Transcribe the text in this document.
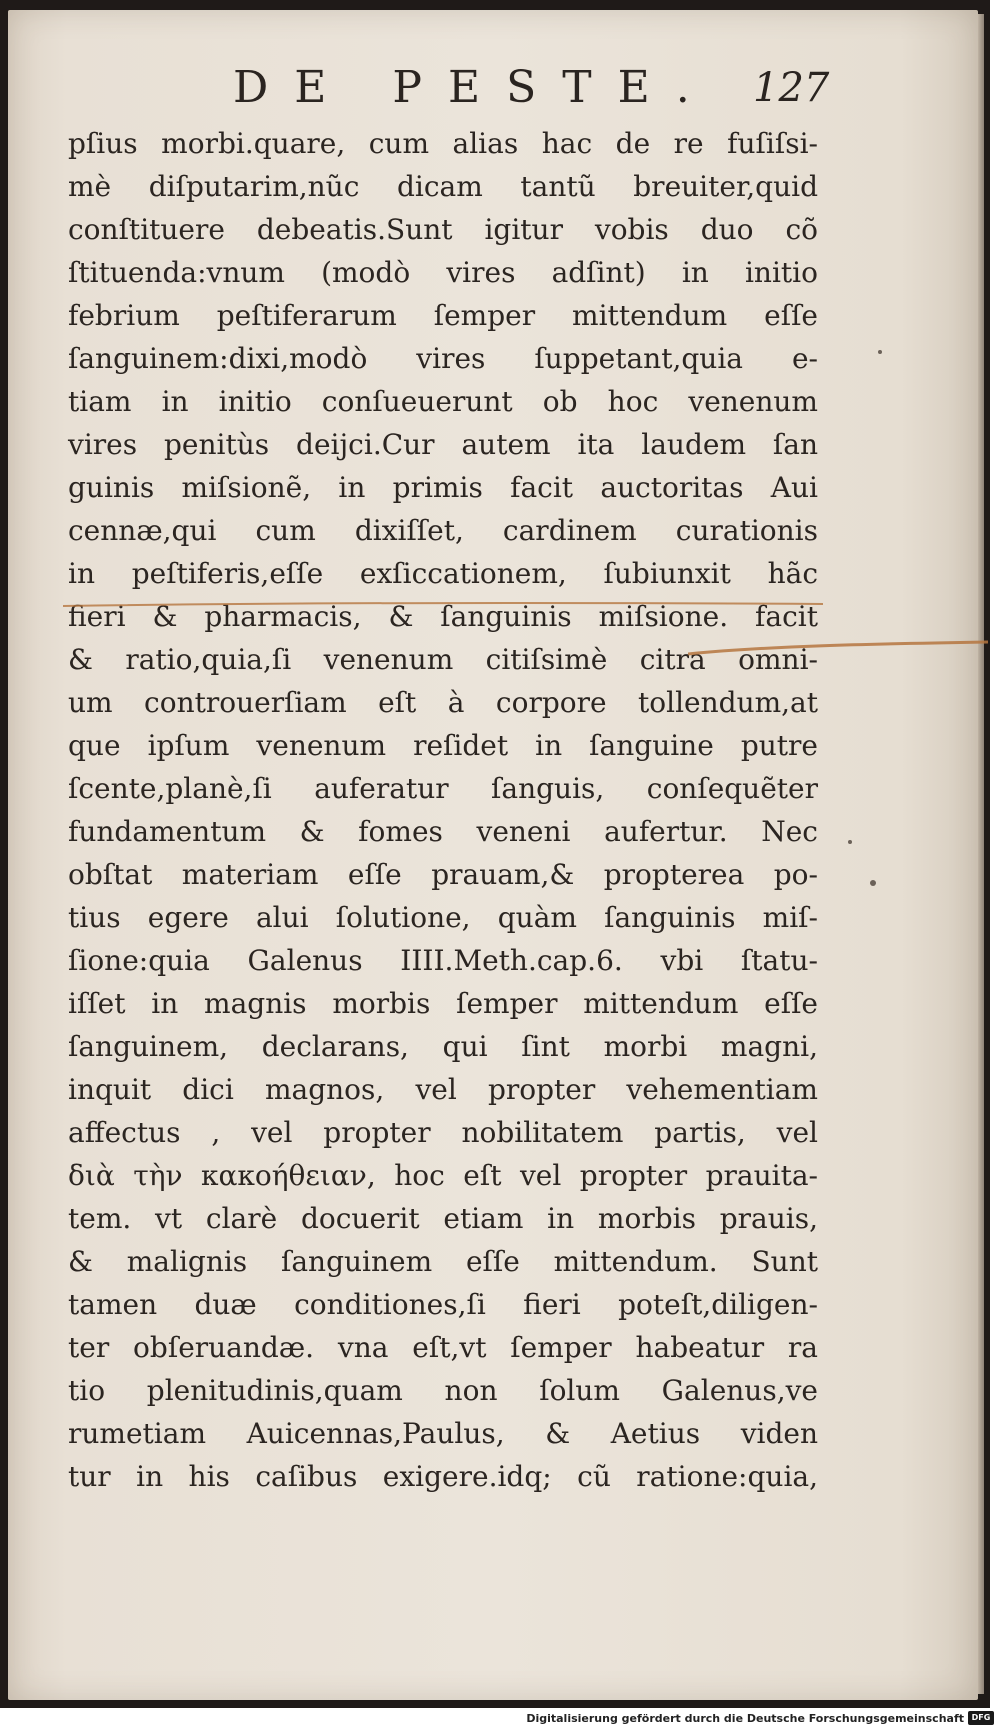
DE PESTE. 127
pſius morbi.quare, cum alias hac de re fuſiſsi-
mè diſputarim,nũc dicam tantũ breuiter,quid
conſtituere debeatis.Sunt igitur vobis duo cõ
ſtituenda:vnum (modò vires adſint) in initio
febrium peſtiferarum ſemper mittendum eſſe
ſanguinem:dixi,modò vires ſuppetant,quia e-
tiam in initio conſueuerunt ob hoc venenum
vires penitùs deijci.Cur autem ita laudem ſan
guinis miſsionẽ, in primis facit auctoritas Aui
cennæ,qui cum dixiſſet, cardinem curationis
in peſtiferis,eſſe exſiccationem, ſubiunxit hãc
fieri & pharmacis, & ſanguinis miſsione. facit
& ratio,quia,ſi venenum citiſsimè citra omni-
um controuerſiam eſt à corpore tollendum,at
que ipſum venenum reſidet in ſanguine putre
ſcente,planè,ſi auferatur ſanguis, conſequẽter
fundamentum & fomes veneni aufertur. Nec
obſtat materiam eſſe prauam,& propterea po-
tius egere alui ſolutione, quàm ſanguinis miſ-
ſione:quia Galenus IIII.Meth.cap.6. vbi ſtatu-
iſſet in magnis morbis ſemper mittendum eſſe
ſanguinem, declarans, qui ſint morbi magni,
inquit dici magnos, vel propter vehementiam
affectus , vel propter nobilitatem partis, vel
διὰ τὴν κακοήθειαν, hoc eſt vel propter prauita-
tem. vt clarè docuerit etiam in morbis prauis,
& malignis ſanguinem eſſe mittendum. Sunt
tamen duæ conditiones,ſi fieri poteſt,diligen-
ter obſeruandæ. vna eſt,vt ſemper habeatur ra
tio plenitudinis,quam non ſolum Galenus,ve
rumetiam Auicennas,Paulus, & Aetius viden
tur in his caſibus exigere.idq; cũ ratione:quia,
Digitalisierung gefördert durch die Deutsche Forschungsgemeinschaft DFG
